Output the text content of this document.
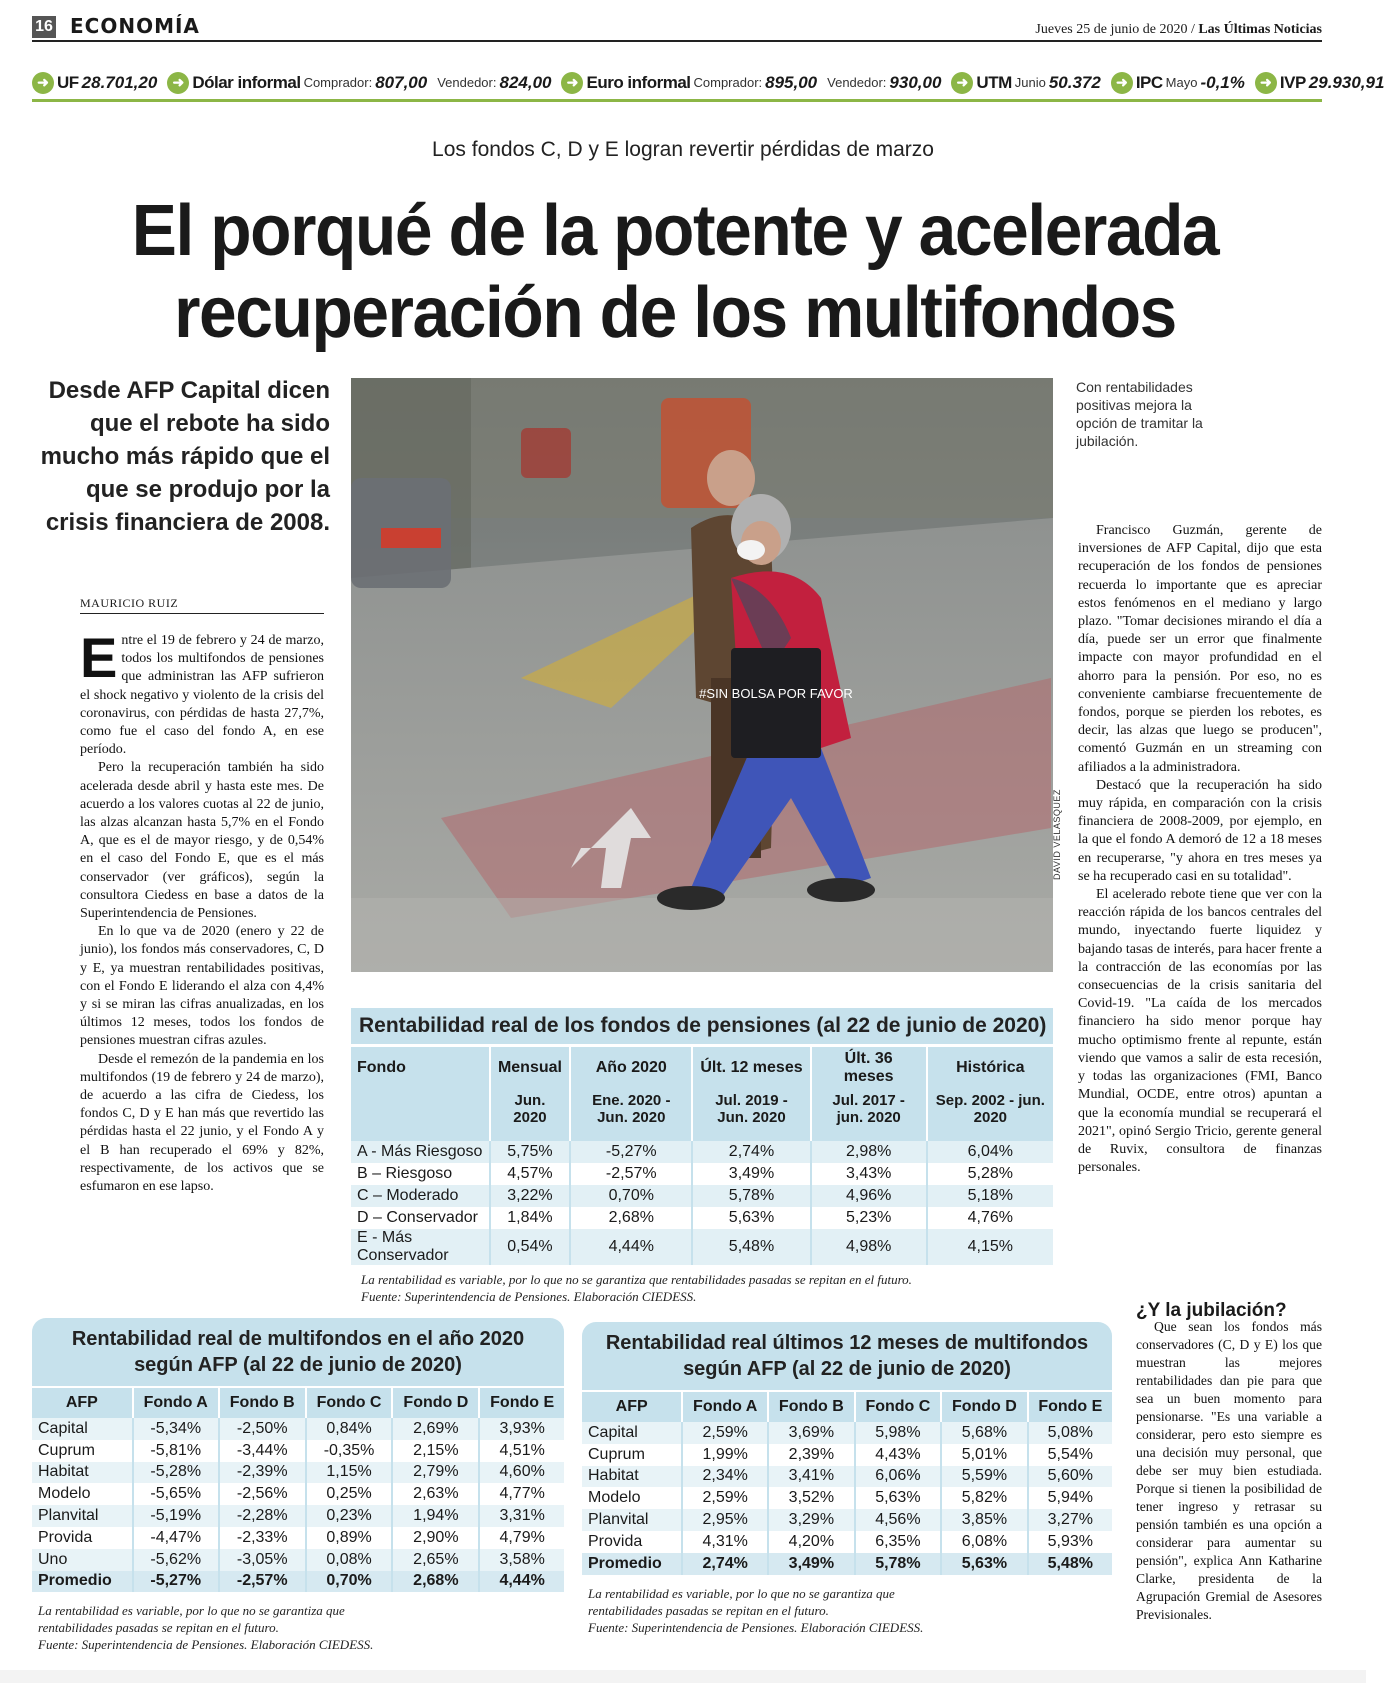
16 ECONOMÍA	Jueves 25 de junio de 2020 / Las Últimas Noticias
➜ UF 28.701,20	➜ Dólar informal Comprador: 807,00 Vendedor: 824,00	➜ Euro informal Comprador: 895,00 Vendedor: 930,00	➜ UTM Junio 50.372	➜ IPC Mayo -0,1%	➜ IVP 29.930,91
Los fondos C, D y E logran revertir pérdidas de marzo
El porqué de la potente y acelerada
recuperación de los multifondos
Desde AFP Capital dicen que el rebote ha sido mucho más rápido que el que se produjo por la crisis financiera de 2008.
MAURICIO RUIZ

Entre el 19 de febrero y 24 de marzo, todos los multifondos de pensiones que administran las AFP sufrieron el shock negativo y violento de la crisis del coronavirus, con pérdidas de hasta 27,7%, como fue el caso del fondo A, en ese período.

Pero la recuperación también ha sido acelerada desde abril y hasta este mes. De acuerdo a los valores cuotas al 22 de junio, las alzas alcanzan hasta 5,7% en el Fondo A, que es el de mayor riesgo, y de 0,54% en el caso del Fondo E, que es el más conservador (ver gráficos), según la consultora Ciedess en base a datos de la Superintendencia de Pensiones.

En lo que va de 2020 (enero y 22 de junio), los fondos más conservadores, C, D y E, ya muestran rentabilidades positivas, con el Fondo E liderando el alza con 4,4% y si se miran las cifras anualizadas, en los últimos 12 meses, todos los fondos de pensiones muestran cifras azules.

Desde el remezón de la pandemia en los multifondos (19 de febrero y 24 de marzo), de acuerdo a las cifra de Ciedess, los fondos C, D y E han más que revertido las pérdidas hasta el 22 junio, y el Fondo A y el B han recuperado el 69% y 82%, respectivamente, de los activos que se esfumaron en ese lapso.

#SIN BOLSA POR FAVOR
DAVID VELASQUEZ
Con rentabilidades positivas mejora la opción de tramitar la jubilación.

Francisco Guzmán, gerente de inversiones de AFP Capital, dijo que esta recuperación de los fondos de pensiones recuerda lo importante que es apreciar estos fenómenos en el mediano y largo plazo. "Tomar decisiones mirando el día a día, puede ser un error que finalmente impacte con mayor profundidad en el ahorro para la pensión. Por eso, no es conveniente cambiarse frecuentemente de fondos, porque se pierden los rebotes, es decir, las alzas que luego se producen", comentó Guzmán en un streaming con afiliados a la administradora.

Destacó que la recuperación ha sido muy rápida, en comparación con la crisis financiera de 2008-2009, por ejemplo, en la que el fondo A demoró de 12 a 18 meses en recuperarse, "y ahora en tres meses ya se ha recuperado casi en su totalidad".

El acelerado rebote tiene que ver con la reacción rápida de los bancos centrales del mundo, inyectando fuerte liquidez y bajando tasas de interés, para hacer frente a la contracción de las economías por las consecuencias de la crisis sanitaria del Covid-19. "La caída de los mercados financiero ha sido menor porque hay mucho optimismo frente al repunte, están viendo que vamos a salir de esta recesión, y todas las organizaciones (FMI, Banco Mundial, OCDE, entre otros) apuntan a que la economía mundial se recuperará el 2021", opinó Sergio Tricio, gerente general de Ruvix, consultora de finanzas personales.

¿Y la jubilación?

Que sean los fondos más conservadores (C, D y E) los que muestran las mejores rentabilidades dan pie para que sea un buen momento para pensionarse. "Es una variable a considerar, pero esto siempre es una decisión muy personal, que debe ser muy bien estudiada. Porque si tienen la posibilidad de tener ingreso y retrasar su pensión también es una opción a considerar para aumentar su pensión", explica Ann Katharine Clarke, presidenta de la Agrupación Gremial de Asesores Previsionales.

Rentabilidad real de los fondos de pensiones (al 22 de junio de 2020)
Fondo	Mensual	Año 2020	Últ. 12 meses	Últ. 36 meses	Histórica
	Jun. 2020	Ene. 2020 - Jun. 2020	Jul. 2019 - Jun. 2020	Jul. 2017 - jun. 2020	Sep. 2002 - jun. 2020
A - Más Riesgoso	5,75%	-5,27%	2,74%	2,98%	6,04%
B – Riesgoso	4,57%	-2,57%	3,49%	3,43%	5,28%
C – Moderado	3,22%	0,70%	5,78%	4,96%	5,18%
D – Conservador	1,84%	2,68%	5,63%	5,23%	4,76%
E - Más Conservador	0,54%	4,44%	5,48%	4,98%	4,15%
La rentabilidad es variable, por lo que no se garantiza que rentabilidades pasadas se repitan en el futuro.
Fuente: Superintendencia de Pensiones. Elaboración CIEDESS.
Rentabilidad real de multifondos en el año 2020 según AFP (al 22 de junio de 2020)
AFP	Fondo A	Fondo B	Fondo C	Fondo D	Fondo E
Capital	-5,34%	-2,50%	0,84%	2,69%	3,93%
Cuprum	-5,81%	-3,44%	-0,35%	2,15%	4,51%
Habitat	-5,28%	-2,39%	1,15%	2,79%	4,60%
Modelo	-5,65%	-2,56%	0,25%	2,63%	4,77%
Planvital	-5,19%	-2,28%	0,23%	1,94%	3,31%
Provida	-4,47%	-2,33%	0,89%	2,90%	4,79%
Uno	-5,62%	-3,05%	0,08%	2,65%	3,58%
Promedio	-5,27%	-2,57%	0,70%	2,68%	4,44%
La rentabilidad es variable, por lo que no se garantiza que rentabilidades pasadas se repitan en el futuro.
Fuente: Superintendencia de Pensiones. Elaboración CIEDESS.
Rentabilidad real últimos 12 meses de multifondos según AFP (al 22 de junio de 2020)
AFP	Fondo A	Fondo B	Fondo C	Fondo D	Fondo E
Capital	2,59%	3,69%	5,98%	5,68%	5,08%
Cuprum	1,99%	2,39%	4,43%	5,01%	5,54%
Habitat	2,34%	3,41%	6,06%	5,59%	5,60%
Modelo	2,59%	3,52%	5,63%	5,82%	5,94%
Planvital	2,95%	3,29%	4,56%	3,85%	3,27%
Provida	4,31%	4,20%	6,35%	6,08%	5,93%
Promedio	2,74%	3,49%	5,78%	5,63%	5,48%
La rentabilidad es variable, por lo que no se garantiza que rentabilidades pasadas se repitan en el futuro.
Fuente: Superintendencia de Pensiones. Elaboración CIEDESS.
